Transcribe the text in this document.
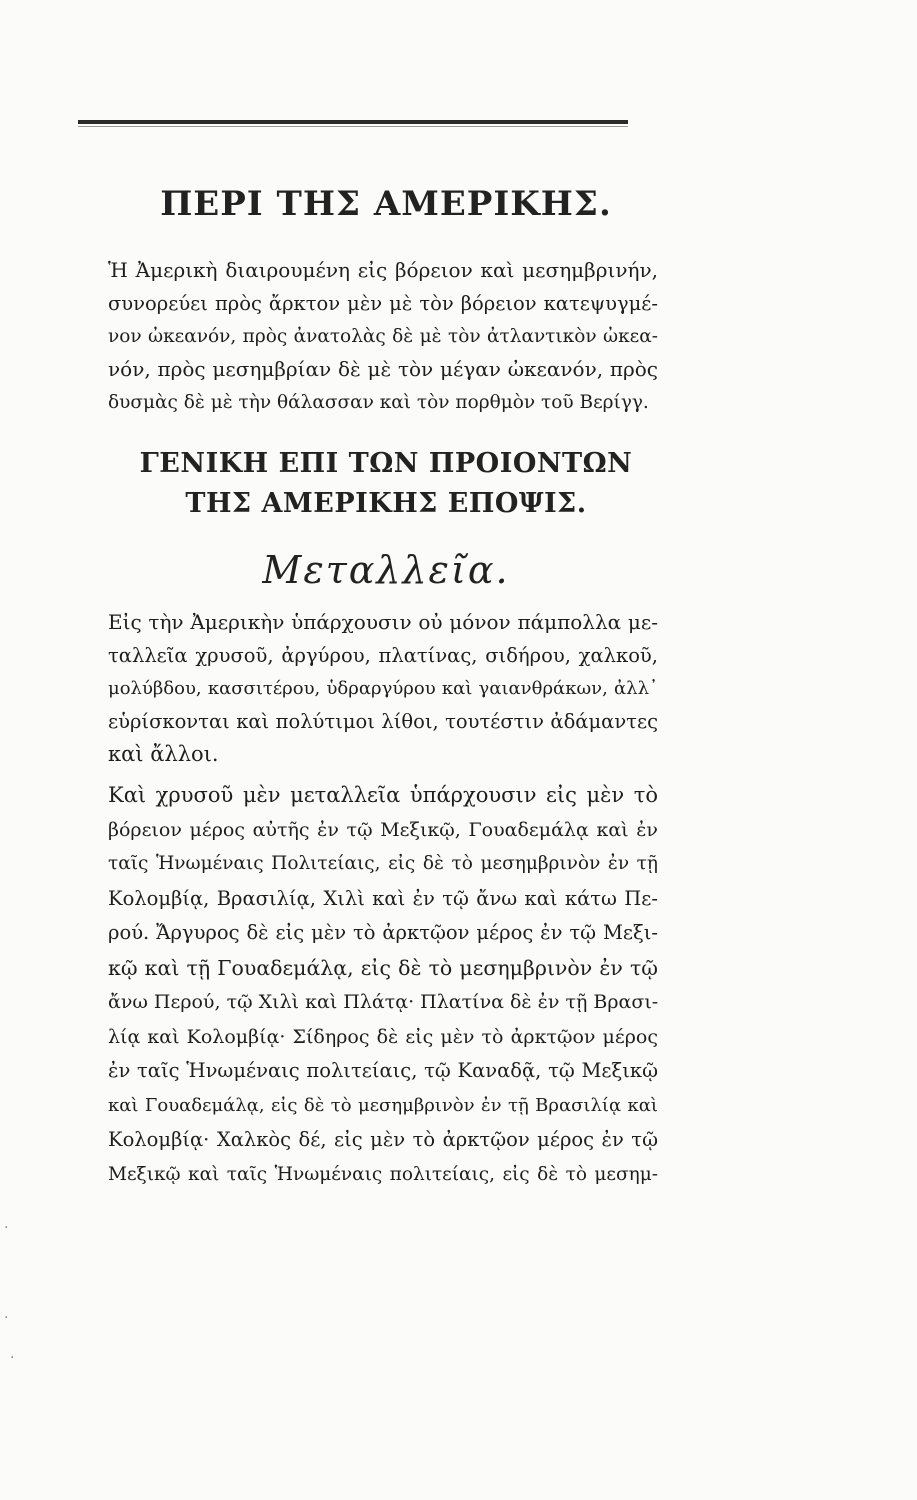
ΠΕΡΙ ΤΗΣ ΑΜΕΡΙΚΗΣ.

Ἡ Ἀμερικὴ διαιρουμένη εἰς βόρειον καὶ μεσημβρινήν,
συνορεύει πρὸς ἄρκτον μὲν μὲ τὸν βόρειον κατεψυγμέ-
νον ὠκεανόν, πρὸς ἀνατολὰς δὲ μὲ τὸν ἀτλαντικὸν ὠκεα-
νόν, πρὸς μεσημβρίαν δὲ μὲ τὸν μέγαν ὠκεανόν, πρὸς
δυσμὰς δὲ μὲ τὴν θάλασσαν καὶ τὸν πορθμὸν τοῦ Βερίγγ.

ΓΕΝΙΚΗ ΕΠΙ ΤΩΝ ΠΡΟΙΟΝΤΩΝ
ΤΗΣ ΑΜΕΡΙΚΗΣ ΕΠΟΨΙΣ.
Μεταλλεῖα.

Εἰς τὴν Ἀμερικὴν ὑπάρχουσιν οὐ μόνον πάμπολλα με-
ταλλεῖα χρυσοῦ, ἀργύρου, πλατίνας, σιδήρου, χαλκοῦ,
μολύβδου, κασσιτέρου, ὑδραργύρου καὶ γαιανθράκων, ἀλλ᾽
εὑρίσκονται καὶ πολύτιμοι λίθοι, τουτέστιν ἀδάμαντες
καὶ ἄλλοι.

Καὶ χρυσοῦ μὲν μεταλλεῖα ὑπάρχουσιν εἰς μὲν τὸ
βόρειον μέρος αὐτῆς ἐν τῷ Μεξικῷ, Γουαδεμάλᾳ καὶ ἐν
ταῖς Ἡνωμέναις Πολιτείαις, εἰς δὲ τὸ μεσημβρινὸν ἐν τῇ
Κολομβίᾳ, Βρασιλίᾳ, Χιλὶ καὶ ἐν τῷ ἄνω καὶ κάτω Πε-
ρού. Ἄργυρος δὲ εἰς μὲν τὸ ἀρκτῷον μέρος ἐν τῷ Μεξι-
κῷ καὶ τῇ Γουαδεμάλᾳ, εἰς δὲ τὸ μεσημβρινὸν ἐν τῷ
ἄνω Περού, τῷ Χιλὶ καὶ Πλάτᾳ· Πλατίνα δὲ ἐν τῇ Βρασι-
λίᾳ καὶ Κολομβίᾳ· Σίδηρος δὲ εἰς μὲν τὸ ἀρκτῷον μέρος
ἐν ταῖς Ἡνωμέναις πολιτείαις, τῷ Καναδᾷ, τῷ Μεξικῷ
καὶ Γουαδεμάλᾳ, εἰς δὲ τὸ μεσημβρινὸν ἐν τῇ Βρασιλίᾳ καὶ
Κολομβίᾳ· Χαλκὸς δέ, εἰς μὲν τὸ ἀρκτῷον μέρος ἐν τῷ
Μεξικῷ καὶ ταῖς Ἡνωμέναις πολιτείαις, εἰς δὲ τὸ μεσημ-

·
·
·
